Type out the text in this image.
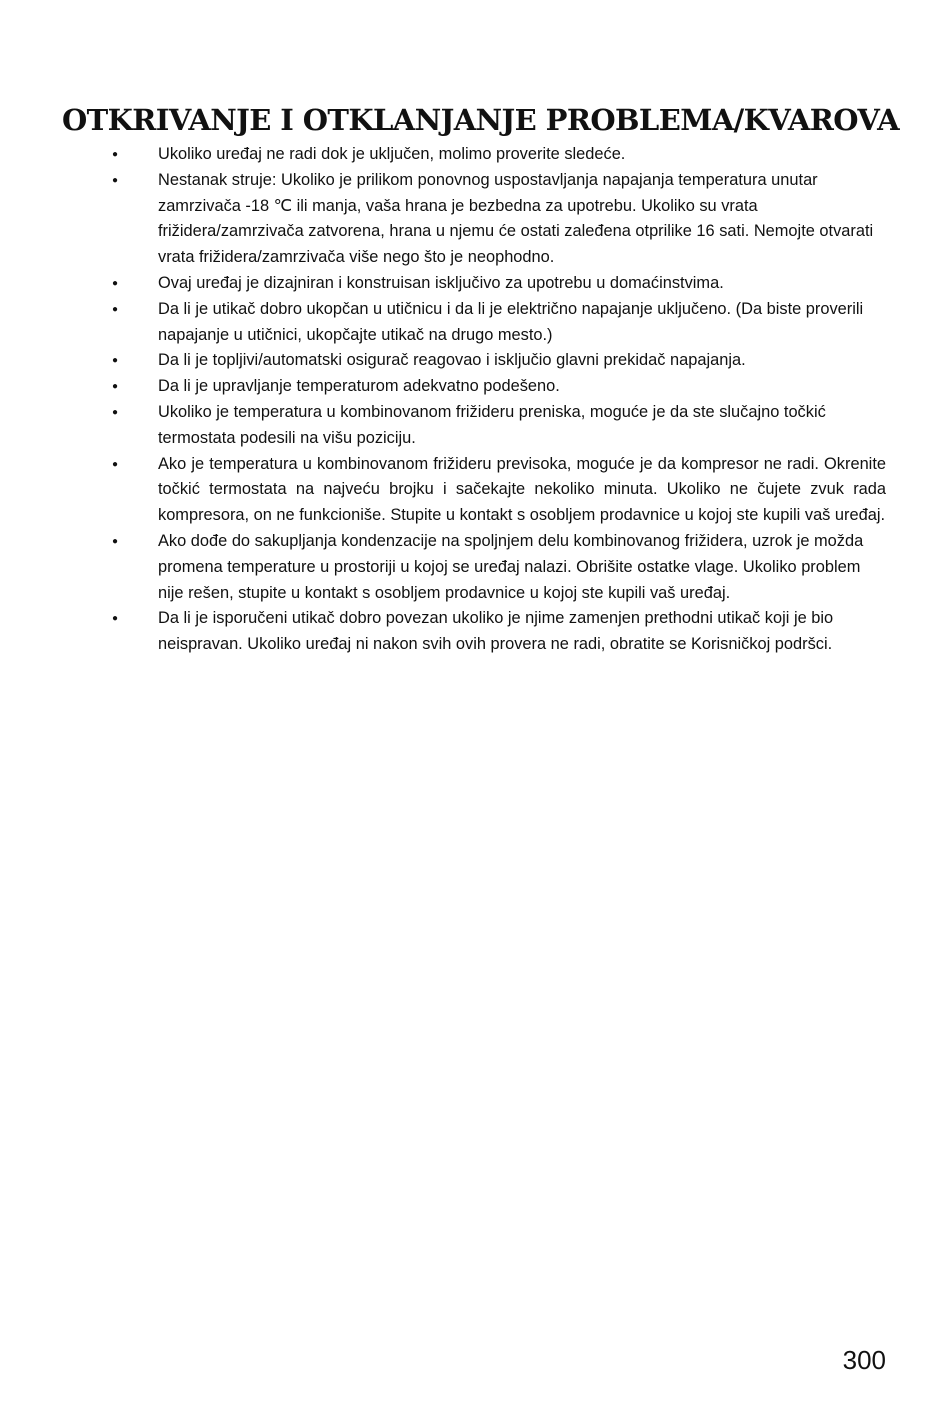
OTKRIVANJE I OTKLANJANJE PROBLEMA/KVAROVA
● Ukoliko uređaj ne radi dok je uključen, molimo proverite sledeće.

● Nestanak struje: Ukoliko je prilikom ponovnog uspostavljanja napajanja temperatura unutar zamrzivača -18 ℃ ili manja, vaša hrana je bezbedna za upotrebu. Ukoliko su vrata frižidera/zamrzivača zatvorena, hrana u njemu će ostati zaleđena otprilike 16 sati. Nemojte otvarati vrata frižidera/zamrzivača više nego što je neophodno.

● Ovaj uređaj je dizajniran i konstruisan isključivo za upotrebu u domaćinstvima.

● Da li je utikač dobro ukopčan u utičnicu i da li je električno napajanje uključeno. (Da biste proverili napajanje u utičnici, ukopčajte utikač na drugo mesto.)

● Da li je topljivi/automatski osigurač reagovao i isključio glavni prekidač napajanja.

● Da li je upravljanje temperaturom adekvatno podešeno.

● Ukoliko je temperatura u kombinovanom frižideru preniska, moguće je da ste slučajno točkić termostata podesili na višu poziciju.

● Ako je temperatura u kombinovanom frižideru previsoka, moguće je da kompresor ne radi. Okrenite točkić termostata na najveću brojku i sačekajte nekoliko minuta. Ukoliko ne čujete zvuk rada kompresora, on ne funkcioniše. Stupite u kontakt s osobljem prodavnice u kojoj ste kupili vaš uređaj.

● Ako dođe do sakupljanja kondenzacije na spoljnjem delu kombinovanog frižidera, uzrok je možda promena temperature u prostoriji u kojoj se uređaj nalazi. Obrišite ostatke vlage. Ukoliko problem nije rešen, stupite u kontakt s osobljem prodavnice u kojoj ste kupili vaš uređaj.

● Da li je isporučeni utikač dobro povezan ukoliko je njime zamenjen prethodni utikač koji je bio neispravan. Ukoliko uređaj ni nakon svih ovih provera ne radi, obratite se Korisničkoj podršci.

300
